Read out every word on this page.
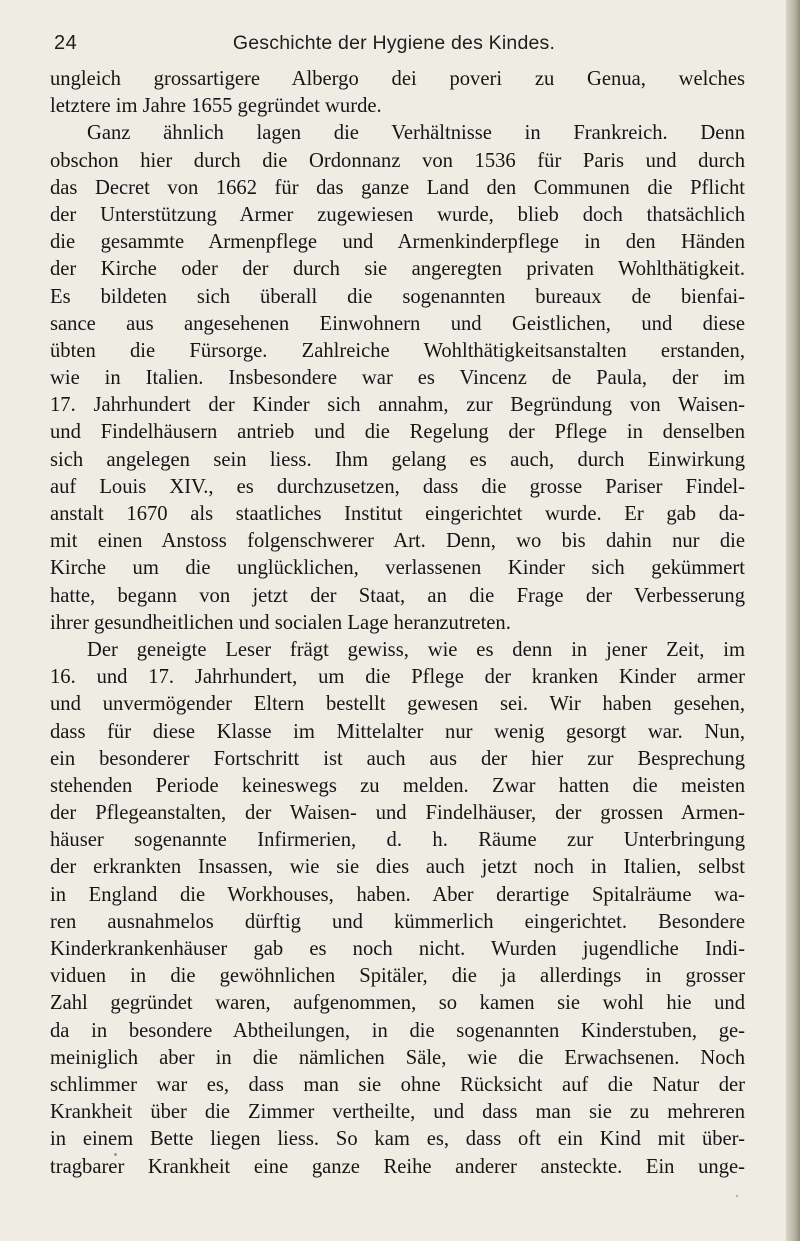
24	Geschichte der Hygiene des Kindes.
ungleich grossartigere Albergo dei poveri zu Genua, welches
letztere im Jahre 1655 gegründet wurde.
Ganz ähnlich lagen die Verhältnisse in Frankreich. Denn
obschon hier durch die Ordonnanz von 1536 für Paris und durch
das Decret von 1662 für das ganze Land den Communen die Pflicht
der Unterstützung Armer zugewiesen wurde, blieb doch thatsächlich
die gesammte Armenpflege und Armenkinderpflege in den Händen
der Kirche oder der durch sie angeregten privaten Wohlthätigkeit.
Es bildeten sich überall die sogenannten bureaux de bienfai-
sance aus angesehenen Einwohnern und Geistlichen, und diese
übten die Fürsorge. Zahlreiche Wohlthätigkeitsanstalten erstanden,
wie in Italien. Insbesondere war es Vincenz de Paula, der im
17. Jahrhundert der Kinder sich annahm, zur Begründung von Waisen-
und Findelhäusern antrieb und die Regelung der Pflege in denselben
sich angelegen sein liess. Ihm gelang es auch, durch Einwirkung
auf Louis XIV., es durchzusetzen, dass die grosse Pariser Findel-
anstalt 1670 als staatliches Institut eingerichtet wurde. Er gab da-
mit einen Anstoss folgenschwerer Art. Denn, wo bis dahin nur die
Kirche um die unglücklichen, verlassenen Kinder sich gekümmert
hatte, begann von jetzt der Staat, an die Frage der Verbesserung
ihrer gesundheitlichen und socialen Lage heranzutreten.
Der geneigte Leser frägt gewiss, wie es denn in jener Zeit, im
16. und 17. Jahrhundert, um die Pflege der kranken Kinder armer
und unvermögender Eltern bestellt gewesen sei. Wir haben gesehen,
dass für diese Klasse im Mittelalter nur wenig gesorgt war. Nun,
ein besonderer Fortschritt ist auch aus der hier zur Besprechung
stehenden Periode keineswegs zu melden. Zwar hatten die meisten
der Pflegeanstalten, der Waisen- und Findelhäuser, der grossen Armen-
häuser sogenannte Infirmerien, d. h. Räume zur Unterbringung
der erkrankten Insassen, wie sie dies auch jetzt noch in Italien, selbst
in England die Workhouses, haben. Aber derartige Spitalräume wa-
ren ausnahmelos dürftig und kümmerlich eingerichtet. Besondere
Kinderkrankenhäuser gab es noch nicht. Wurden jugendliche Indi-
viduen in die gewöhnlichen Spitäler, die ja allerdings in grosser
Zahl gegründet waren, aufgenommen, so kamen sie wohl hie und
da in besondere Abtheilungen, in die sogenannten Kinderstuben, ge-
meiniglich aber in die nämlichen Säle, wie die Erwachsenen. Noch
schlimmer war es, dass man sie ohne Rücksicht auf die Natur der
Krankheit über die Zimmer vertheilte, und dass man sie zu mehreren
in einem Bette liegen liess. So kam es, dass oft ein Kind mit über-
tragbarer Krankheit eine ganze Reihe anderer ansteckte. Ein unge-
